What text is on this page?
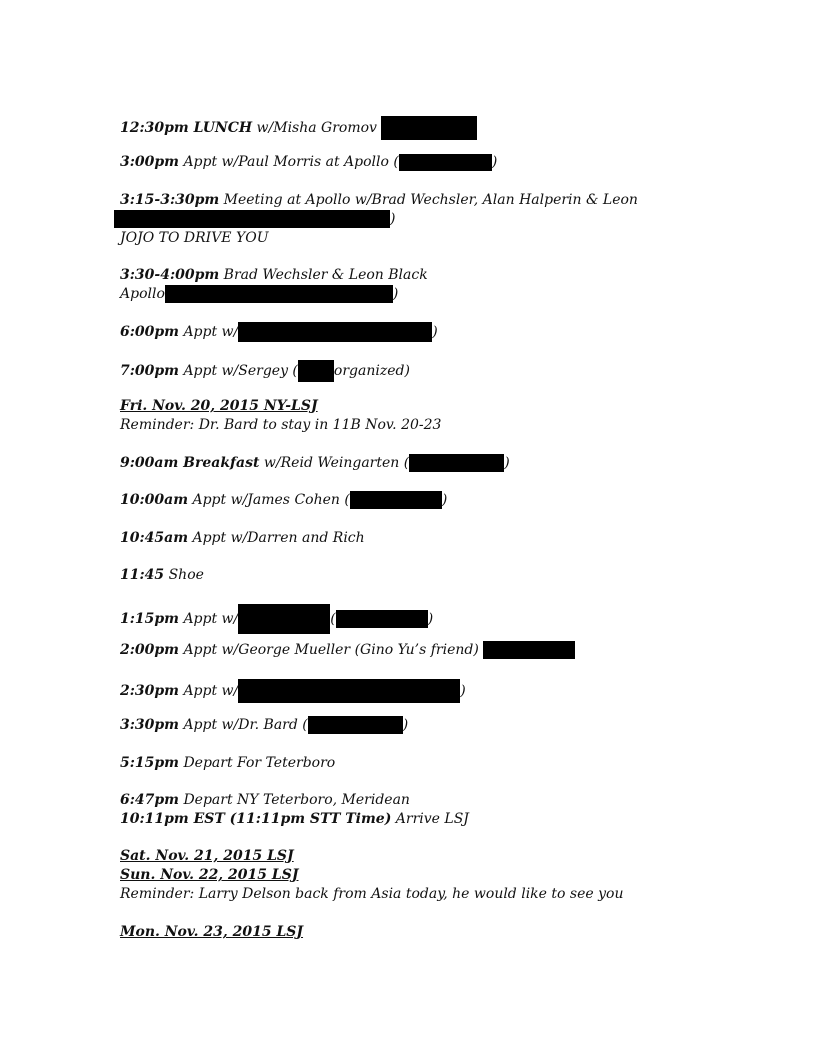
12:30pm LUNCH w/Misha Gromov
3:00pm Appt w/Paul Morris at Apollo (	)
3:15-3:30pm Meeting at Apollo w/Brad Wechsler, Alan Halperin & Leon
)
JOJO TO DRIVE YOU
3:30-4:00pm Brad Wechsler & Leon Black
Apollo	)
6:00pm Appt w/	)
7:00pm Appt w/Sergey (	organized)
Fri. Nov. 20, 2015 NY-LSJ
Reminder: Dr. Bard to stay in 11B Nov. 20-23
9:00am Breakfast w/Reid Weingarten (	)
10:00am Appt w/James Cohen (	)
10:45am Appt w/Darren and Rich
11:45 Shoe
1:15pm Appt w/	(	)
2:00pm Appt w/George Mueller (Gino Yu’s friend)
2:30pm Appt w/	)
3:30pm Appt w/Dr. Bard (	)
5:15pm Depart For Teterboro
6:47pm Depart NY Teterboro, Meridean
10:11pm EST (11:11pm STT Time) Arrive LSJ
Sat. Nov. 21, 2015 LSJ
Sun. Nov. 22, 2015 LSJ
Reminder: Larry Delson back from Asia today, he would like to see you
Mon. Nov. 23, 2015 LSJ
